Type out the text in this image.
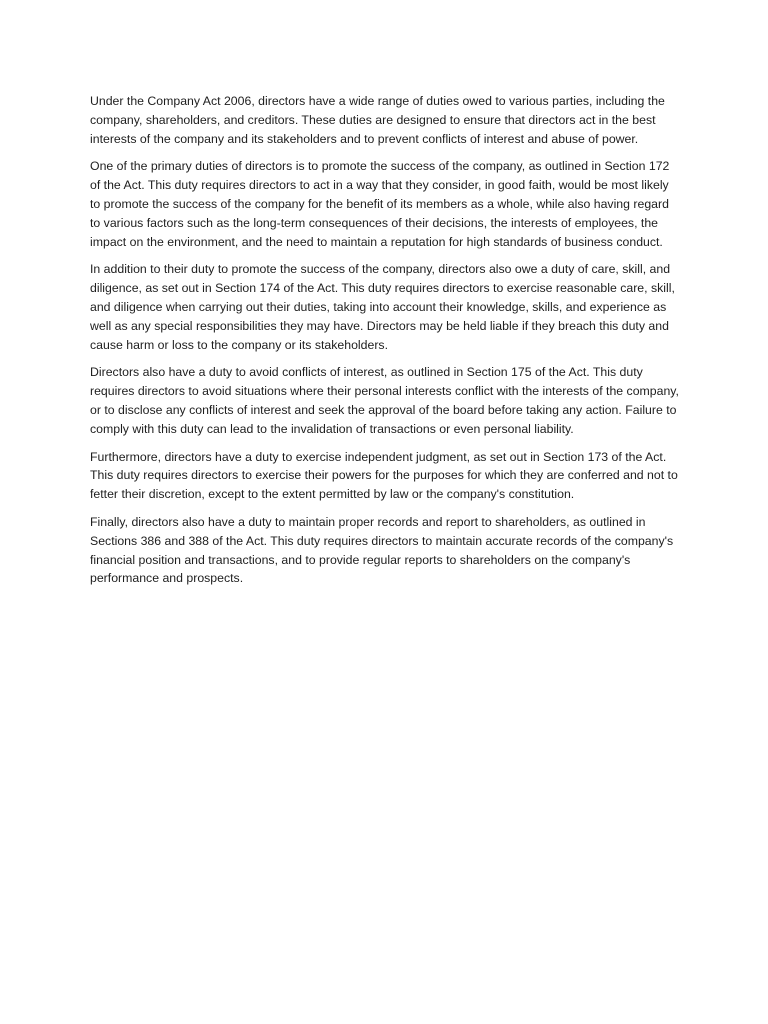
Under the Company Act 2006, directors have a wide range of duties owed to various parties, including the company, shareholders, and creditors. These duties are designed to ensure that directors act in the best interests of the company and its stakeholders and to prevent conflicts of interest and abuse of power.

One of the primary duties of directors is to promote the success of the company, as outlined in Section 172 of the Act. This duty requires directors to act in a way that they consider, in good faith, would be most likely to promote the success of the company for the benefit of its members as a whole, while also having regard to various factors such as the long-term consequences of their decisions, the interests of employees, the impact on the environment, and the need to maintain a reputation for high standards of business conduct.

In addition to their duty to promote the success of the company, directors also owe a duty of care, skill, and diligence, as set out in Section 174 of the Act. This duty requires directors to exercise reasonable care, skill, and diligence when carrying out their duties, taking into account their knowledge, skills, and experience as well as any special responsibilities they may have. Directors may be held liable if they breach this duty and cause harm or loss to the company or its stakeholders.

Directors also have a duty to avoid conflicts of interest, as outlined in Section 175 of the Act. This duty requires directors to avoid situations where their personal interests conflict with the interests of the company, or to disclose any conflicts of interest and seek the approval of the board before taking any action. Failure to comply with this duty can lead to the invalidation of transactions or even personal liability.

Furthermore, directors have a duty to exercise independent judgment, as set out in Section 173 of the Act. This duty requires directors to exercise their powers for the purposes for which they are conferred and not to fetter their discretion, except to the extent permitted by law or the company's constitution.

Finally, directors also have a duty to maintain proper records and report to shareholders, as outlined in Sections 386 and 388 of the Act. This duty requires directors to maintain accurate records of the company's financial position and transactions, and to provide regular reports to shareholders on the company's performance and prospects.
